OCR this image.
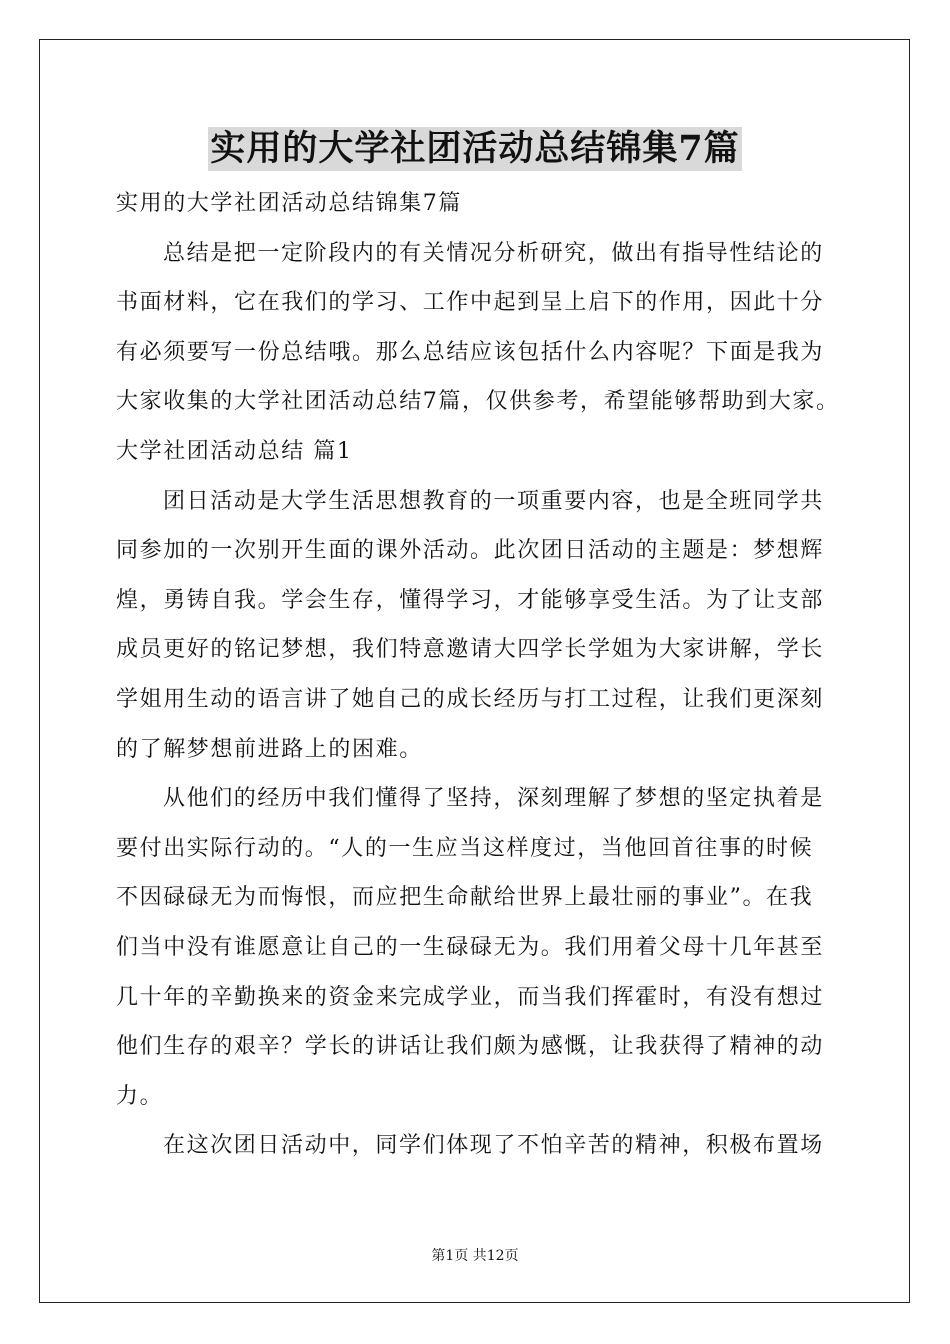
实用的大学社团活动总结锦集7篇
实用的大学社团活动总结锦集7篇
总结是把一定阶段内的有关情况分析研究，做出有指导性结论的
书面材料，它在我们的学习、工作中起到呈上启下的作用，因此十分
有必须要写一份总结哦。那么总结应该包括什么内容呢？下面是我为
大家收集的大学社团活动总结7篇，仅供参考，希望能够帮助到大家。
大学社团活动总结 篇1
团日活动是大学生活思想教育的一项重要内容，也是全班同学共
同参加的一次别开生面的课外活动。此次团日活动的主题是：梦想辉
煌，勇铸自我。学会生存，懂得学习，才能够享受生活。为了让支部
成员更好的铭记梦想，我们特意邀请大四学长学姐为大家讲解，学长
学姐用生动的语言讲了她自己的成长经历与打工过程，让我们更深刻
的了解梦想前进路上的困难。
从他们的经历中我们懂得了坚持，深刻理解了梦想的坚定执着是
要付出实际行动的。“人的一生应当这样度过，当他回首往事的时候
不因碌碌无为而悔恨，而应把生命献给世界上最壮丽的事业”。在我
们当中没有谁愿意让自己的一生碌碌无为。我们用着父母十几年甚至
几十年的辛勤换来的资金来完成学业，而当我们挥霍时，有没有想过
他们生存的艰辛？学长的讲话让我们颇为感慨，让我获得了精神的动
力。
在这次团日活动中，同学们体现了不怕辛苦的精神，积极布置场
第1页 共12页
